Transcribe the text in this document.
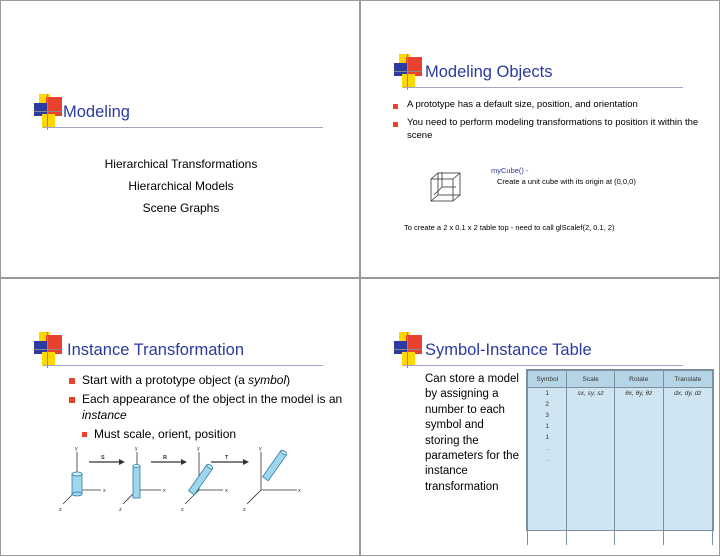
Modeling
Hierarchical Transformations
Hierarchical Models
Scene Graphs
Modeling Objects
A prototype has a default size, position, and orientation
You need to perform modeling transformations to position it within the scene
myCube() -
Create a unit cube with its origin at (0,0,0)
To create a 2 x 0.1 x 2 table top - need to call glScalef(2, 0.1, 2)
Instance Transformation
Start with a prototype object (a symbol)
Each appearance of the object in the model is an instance
Must scale, orient, position
y	y	y	y
x	x	x	x
z	z	z	z
S	R	T
Symbol-Instance Table
Can store a model by assigning a number to each symbol and storing the parameters for the instance transformation
Symbol	Scale	Rotate	Translate
1	sx, sy, sz	θx, θy, θz	dx, dy, dz
2			
3			
1			
1			
.			
.			
